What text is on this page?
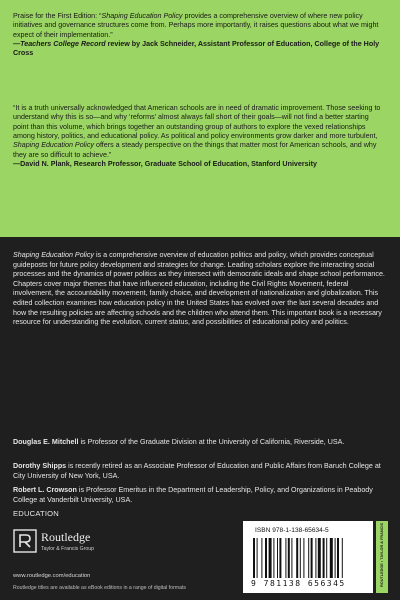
Praise for the First Edition: “Shaping Education Policy provides a comprehensive overview of where new policy initiatives and governance structures come from. Perhaps more importantly, it raises questions about what we might expect of their implementation.”
—Teachers College Record review by Jack Schneider, Assistant Professor of Education, College of the Holy Cross
“It is a truth universally acknowledged that American schools are in need of dramatic improvement. Those seeking to understand why this is so—and why ‘reforms’ almost always fall short of their goals—will not find a better starting point than this volume, which brings together an outstanding group of authors to explore the vexed relationships among history, politics, and educational policy. As political and policy environments grow darker and more turbulent, Shaping Education Policy offers a steady perspective on the things that matter most for American schools, and why they are so difficult to achieve.”
—David N. Plank, Research Professor, Graduate School of Education, Stanford University
Shaping Education Policy is a comprehensive overview of education politics and policy, which provides conceptual guideposts for future policy development and strategies for change. Leading scholars explore the interacting social processes and the dynamics of power politics as they intersect with democratic ideals and shape school performance. Chapters cover major themes that have influenced education, including the Civil Rights Movement, federal involvement, the accountability movement, family choice, and development of nationalization and globalization. This edited collection examines how education policy in the United States has evolved over the last several decades and how the resulting policies are affecting schools and the children who attend them. This important book is a necessary resource for understanding the evolution, current status, and possibilities of educational policy and politics.
Douglas E. Mitchell is Professor of the Graduate Division at the University of California, Riverside, USA.
Dorothy Shipps is recently retired as an Associate Professor of Education and Public Affairs from Baruch College at City University of New York, USA.
Robert L. Crowson is Professor Emeritus in the Department of Leadership, Policy, and Organizations in Peabody College at Vanderbilt University, USA.
EDUCATION
Routledge
Taylor & Francis Group
www.routledge.com/education
Routledge titles are available as eBook editions in a range of digital formats
ISBN 978-1-138-65634-5
9 781138 656345	ROUTLEDGE • TAYLOR & FRANCIS
